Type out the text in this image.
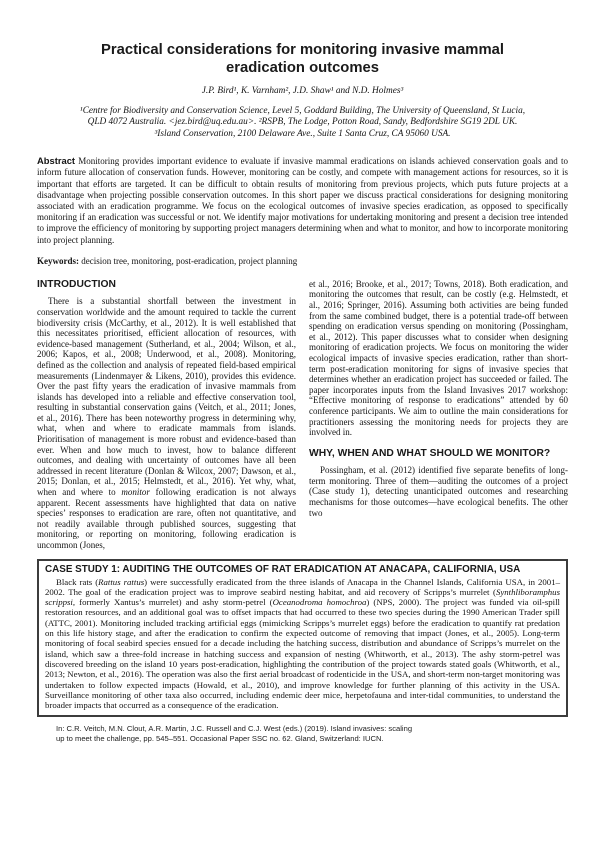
Practical considerations for monitoring invasive mammal eradication outcomes
J.P. Bird¹, K. Varnham², J.D. Shaw¹ and N.D. Holmes³
¹Centre for Biodiversity and Conservation Science, Level 5, Goddard Building, The University of Queensland, St Lucia,
QLD 4072 Australia. <jez.bird@uq.edu.au>. ²RSPB, The Lodge, Potton Road, Sandy, Bedfordshire SG19 2DL UK.
³Island Conservation, 2100 Delaware Ave., Suite 1 Santa Cruz, CA 95060 USA.

Abstract Monitoring provides important evidence to evaluate if invasive mammal eradications on islands achieved conservation goals and to inform future allocation of conservation funds. However, monitoring can be costly, and compete with management actions for resources, so it is important that efforts are targeted. It can be difficult to obtain results of monitoring from previous projects, which puts future projects at a disadvantage when projecting possible conservation outcomes. In this short paper we discuss practical considerations for designing monitoring associated with an eradication programme. We focus on the ecological outcomes of invasive species eradication, as opposed to specifically monitoring if an eradication was successful or not. We identify major motivations for undertaking monitoring and present a decision tree intended to improve the efficiency of monitoring by supporting project managers determining when and what to monitor, and how to incorporate monitoring into project planning.

Keywords: decision tree, monitoring, post-eradication, project planning

INTRODUCTION

There is a substantial shortfall between the investment in conservation worldwide and the amount required to tackle the current biodiversity crisis (McCarthy, et al., 2012). It is well established that this necessitates prioritised, efficient allocation of resources, with evidence-based management (Sutherland, et al., 2004; Wilson, et al., 2006; Kapos, et al., 2008; Underwood, et al., 2008). Monitoring, defined as the collection and analysis of repeated field-based empirical measurements (Lindenmayer & Likens, 2010), provides this evidence. Over the past fifty years the eradication of invasive mammals from islands has developed into a reliable and effective conservation tool, resulting in substantial conservation gains (Veitch, et al., 2011; Jones, et al., 2016). There has been noteworthy progress in determining why, what, when and where to eradicate mammals from islands. Prioritisation of management is more robust and evidence-based than ever. When and how much to invest, how to balance different outcomes, and dealing with uncertainty of outcomes have all been addressed in recent literature (Donlan & Wilcox, 2007; Dawson, et al., 2015; Donlan, et al., 2015; Helmstedt, et al., 2016). Yet why, what, when and where to monitor following eradication is not always apparent. Recent assessments have highlighted that data on native species’ responses to eradication are rare, often not quantitative, and not readily available through published sources, suggesting that monitoring, or reporting on monitoring, following eradication is uncommon (Jones,

et al., 2016; Brooke, et al., 2017; Towns, 2018). Both eradication, and monitoring the outcomes that result, can be costly (e.g. Helmstedt, et al., 2016; Springer, 2016). Assuming both activities are being funded from the same combined budget, there is a potential trade-off between spending on eradication versus spending on monitoring (Possingham, et al., 2012). This paper discusses what to consider when designing monitoring of eradication projects. We focus on monitoring the wider ecological impacts of invasive species eradication, rather than short-term post-eradication monitoring for signs of invasive species that determines whether an eradication project has succeeded or failed. The paper incorporates inputs from the Island Invasives 2017 workshop: “Effective monitoring of response to eradications” attended by 60 conference participants. We aim to outline the main considerations for practitioners assessing the monitoring needs for projects they are involved in.

WHY, WHEN AND WHAT SHOULD WE MONITOR?

Possingham, et al. (2012) identified five separate benefits of long-term monitoring. Three of them—auditing the outcomes of a project (Case study 1), detecting unanticipated outcomes and researching mechanisms for those outcomes—have ecological benefits. The other two

CASE STUDY 1: AUDITING THE OUTCOMES OF RAT ERADICATION AT ANACAPA, CALIFORNIA, USA

Black rats (Rattus rattus) were successfully eradicated from the three islands of Anacapa in the Channel Islands, California USA, in 2001–2002. The goal of the eradication project was to improve seabird nesting habitat, and aid recovery of Scripps’s murrelet (Synthliboramphus scrippsi, formerly Xantus’s murrelet) and ashy storm-petrel (Oceanodroma homochroa) (NPS, 2000). The project was funded via oil-spill restoration resources, and an additional goal was to offset impacts that had occurred to these two species during the 1990 American Trader spill (ATTC, 2001). Monitoring included tracking artificial eggs (mimicking Scripps’s murrelet eggs) before the eradication to quantify rat predation on this life history stage, and after the eradication to confirm the expected outcome of removing that impact (Jones, et al., 2005). Long-term monitoring of focal seabird species ensued for a decade including the hatching success, distribution and abundance of Scripps’s murrelet on the island, which saw a three-fold increase in hatching success and expansion of nesting (Whitworth, et al., 2013). The ashy storm-petrel was discovered breeding on the island 10 years post-eradication, highlighting the contribution of the project towards stated goals (Whitworth, et al., 2013; Newton, et al., 2016). The operation was also the first aerial broadcast of rodenticide in the USA, and short-term non-target monitoring was undertaken to follow expected impacts (Howald, et al., 2010), and improve knowledge for further planning of this activity in the USA. Surveillance monitoring of other taxa also occurred, including endemic deer mice, herpetofauna and inter-tidal communities, to understand the broader impacts that occurred as a consequence of the eradication.

In: C.R. Veitch, M.N. Clout, A.R. Martin, J.C. Russell and C.J. West (eds.) (2019). Island invasives: scaling
up to meet the challenge, pp. 545–551. Occasional Paper SSC no. 62. Gland, Switzerland: IUCN.
